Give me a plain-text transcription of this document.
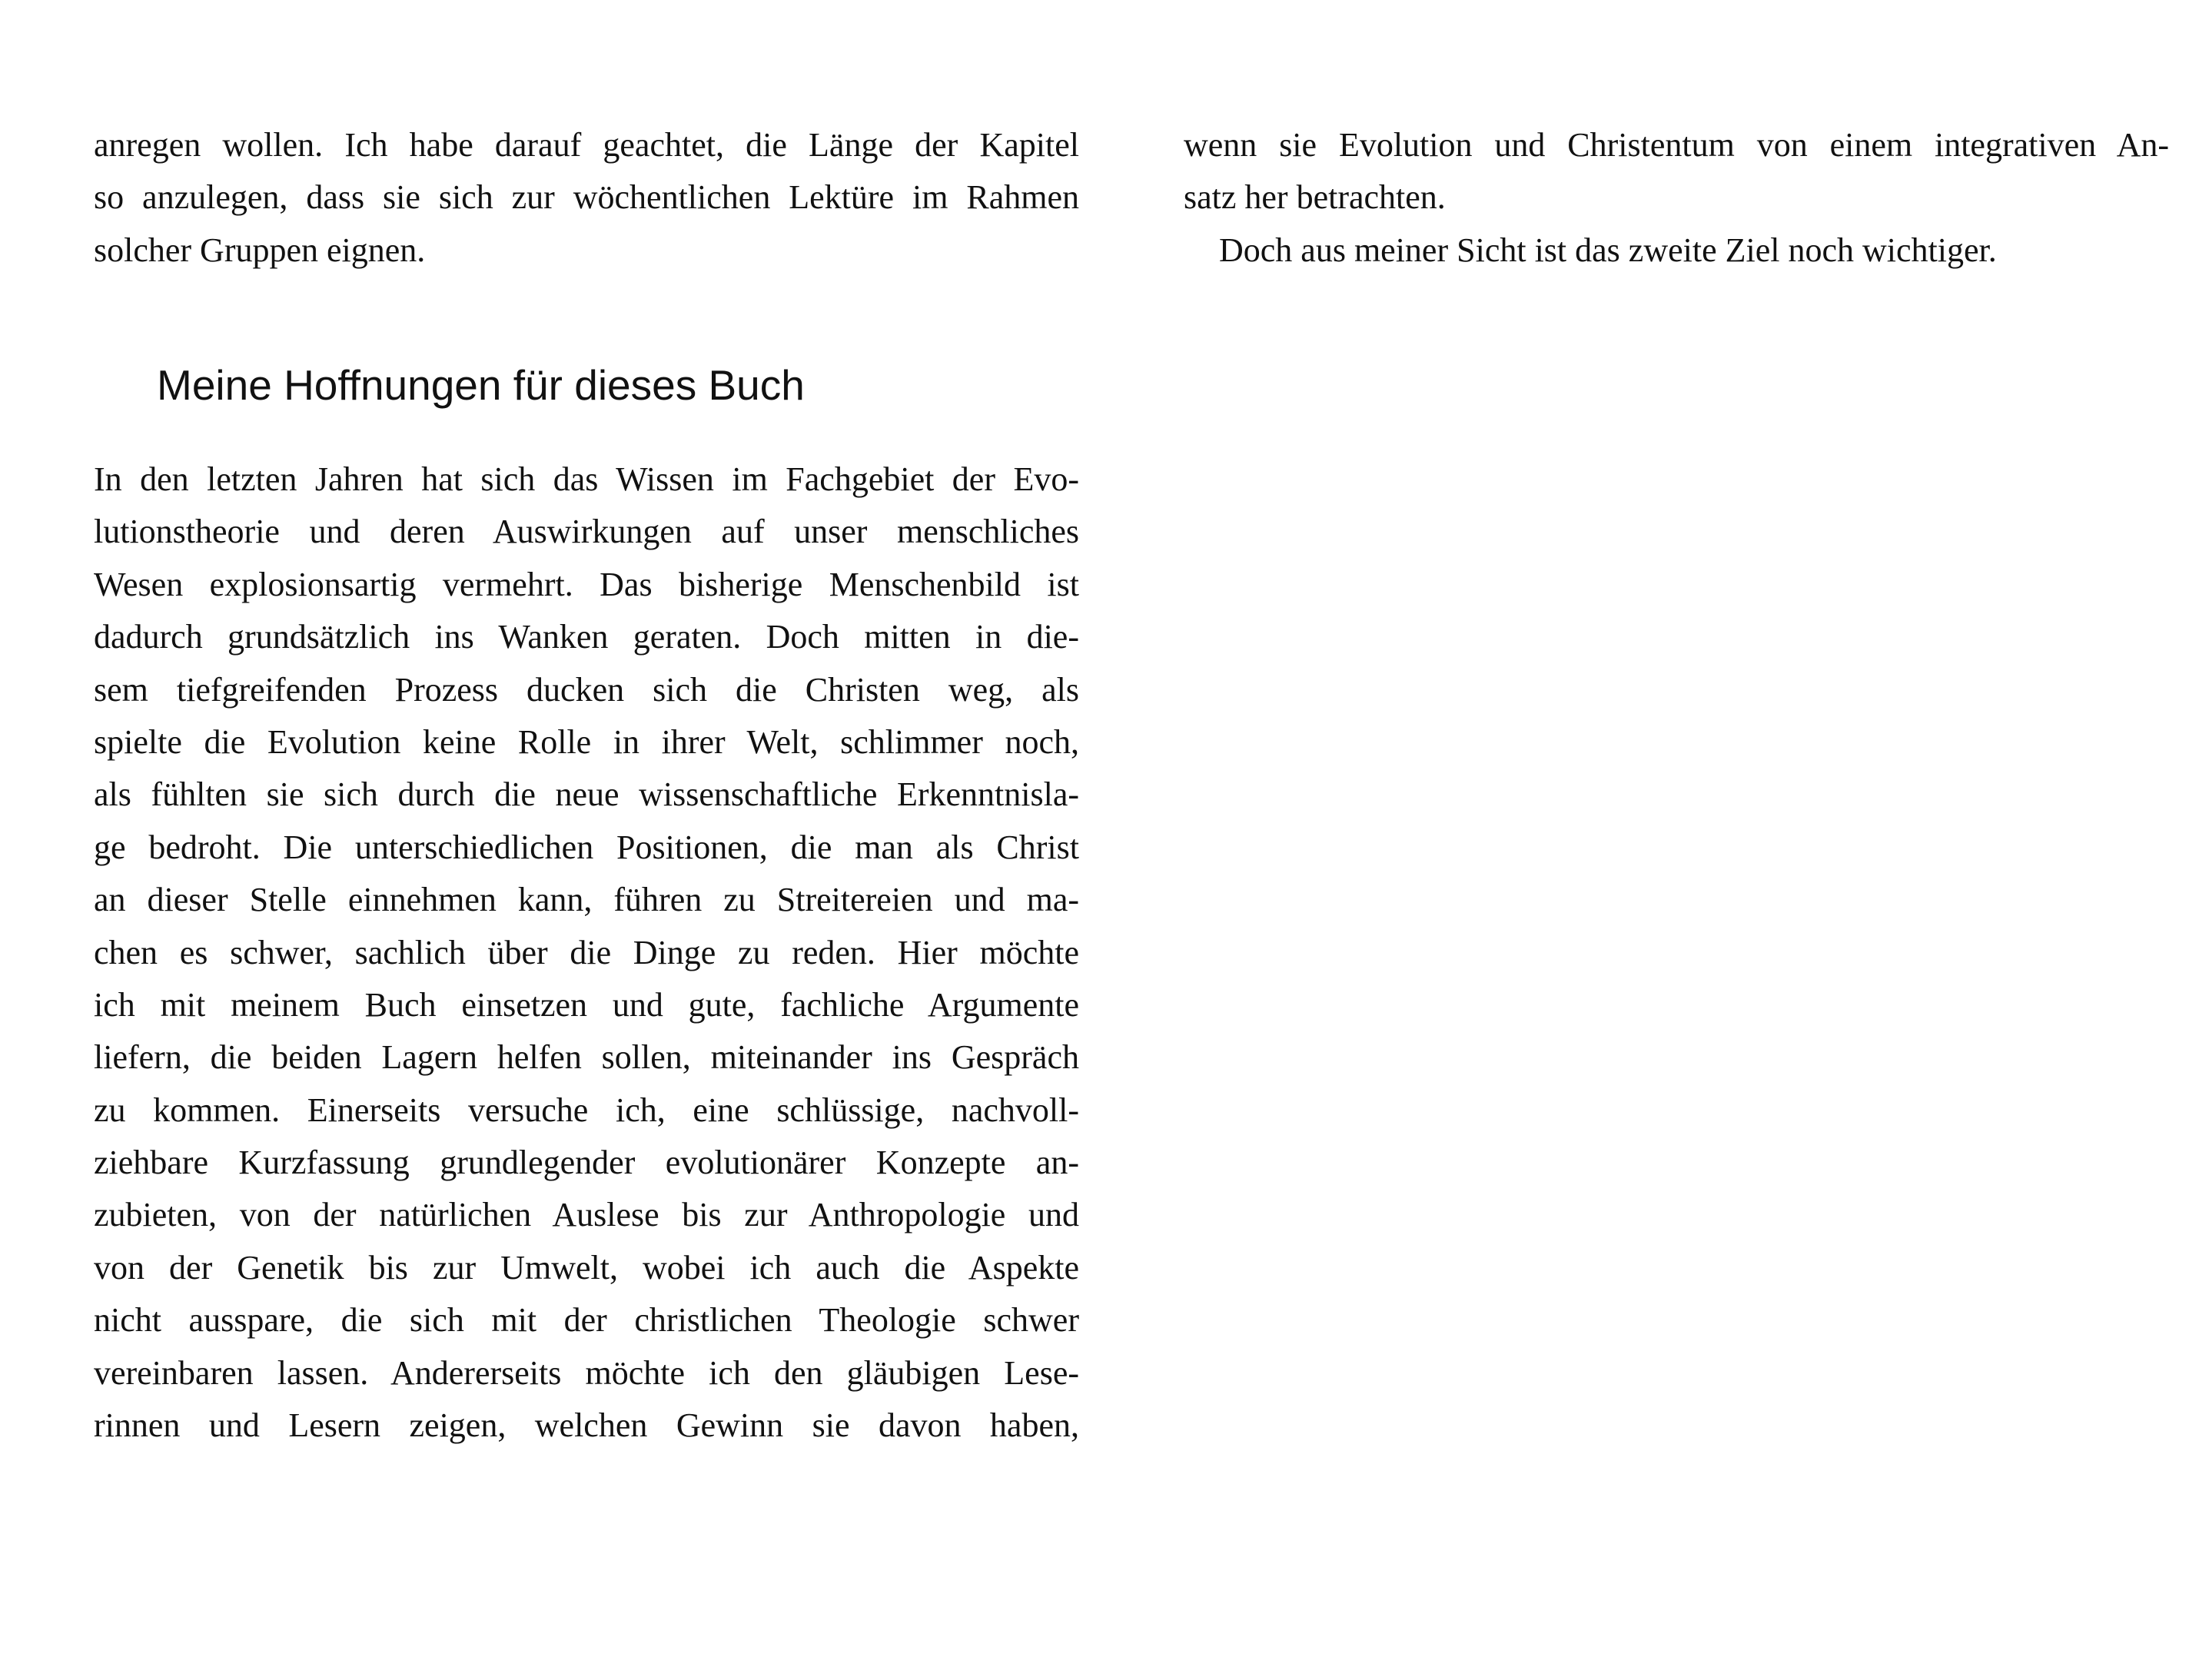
anregen wollen. Ich habe darauf geachtet, die Länge der Kapitel
so anzulegen, dass sie sich zur wöchentlichen Lektüre im Rahmen
solcher Gruppen eignen.
Meine Hoffnungen für dieses Buch
In den letzten Jahren hat sich das Wissen im Fachgebiet der Evo-
lutionstheorie und deren Auswirkungen auf unser menschliches
Wesen explosionsartig vermehrt. Das bisherige Menschenbild ist
dadurch grundsätzlich ins Wanken geraten. Doch mitten in die-
sem tiefgreifenden Prozess ducken sich die Christen weg, als
spielte die Evolution keine Rolle in ihrer Welt, schlimmer noch,
als fühlten sie sich durch die neue wissenschaftliche Erkenntnisla-
ge bedroht. Die unterschiedlichen Positionen, die man als Christ
an dieser Stelle einnehmen kann, führen zu Streitereien und ma-
chen es schwer, sachlich über die Dinge zu reden. Hier möchte
ich mit meinem Buch einsetzen und gute, fachliche Argumente
liefern, die beiden Lagern helfen sollen, miteinander ins Gespräch
zu kommen. Einerseits versuche ich, eine schlüssige, nachvoll-
ziehbare Kurzfassung grundlegender evolutionärer Konzepte an-
zubieten, von der natürlichen Auslese bis zur Anthropologie und
von der Genetik bis zur Umwelt, wobei ich auch die Aspekte
nicht ausspare, die sich mit der christlichen Theologie schwer
vereinbaren lassen. Andererseits möchte ich den gläubigen Lese-
rinnen und Lesern zeigen, welchen Gewinn sie davon haben,
wenn sie Evolution und Christentum von einem integrativen An-
satz her betrachten.
Doch aus meiner Sicht ist das zweite Ziel noch wichtiger.
